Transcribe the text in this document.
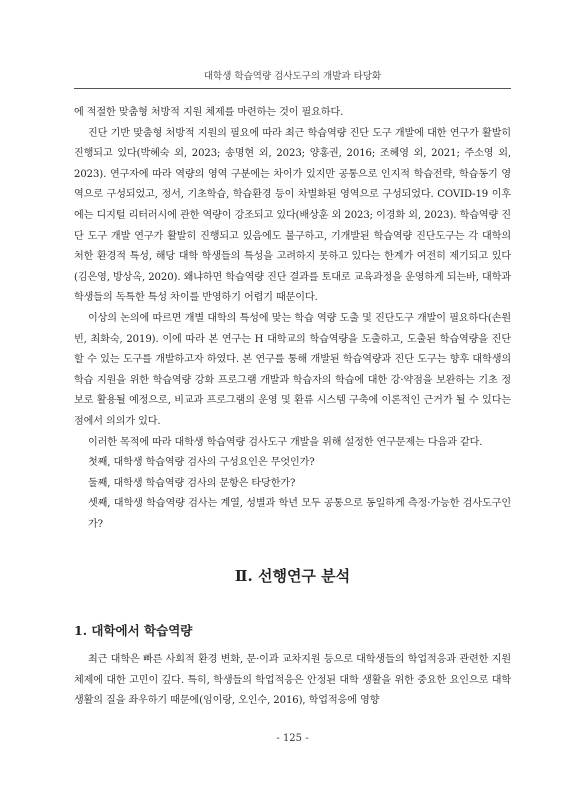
대학생 학습역량 검사도구의 개발과 타당화

에 적절한 맞춤형 처방적 지원 체제를 마련하는 것이 필요하다.

진단 기반 맞춤형 처방적 지원의 필요에 따라 최근 학습역량 진단 도구 개발에 대한 연구가 활발히 진행되고 있다(박혜숙 외, 2023; 송명현 외, 2023; 양홍권, 2016; 조혜영 외, 2021; 주소영 외, 2023). 연구자에 따라 역량의 영역 구분에는 차이가 있지만 공통으로 인지적 학습전략, 학습동기 영역으로 구성되었고, 정서, 기초학습, 학습환경 등이 차별화된 영역으로 구성되었다. COVID-19 이후에는 디지털 리터러시에 관한 역량이 강조되고 있다(배상훈 외 2023; 이경화 외, 2023). 학습역량 진단 도구 개발 연구가 활발히 진행되고 있음에도 불구하고, 기개발된 학습역량 진단도구는 각 대학의 처한 환경적 특성, 해당 대학 학생들의 특성을 고려하지 못하고 있다는 한계가 여전히 제기되고 있다(김은영, 방상옥, 2020). 왜냐하면 학습역량 진단 결과를 토대로 교육과정을 운영하게 되는바, 대학과 학생들의 독특한 특성 차이를 반영하기 어렵기 때문이다.

이상의 논의에 따르면 개별 대학의 특성에 맞는 학습 역량 도출 및 진단도구 개발이 필요하다(손원빈, 최화숙, 2019). 이에 따라 본 연구는 H 대학교의 학습역량을 도출하고, 도출된 학습역량을 진단할 수 있는 도구를 개발하고자 하였다. 본 연구를 통해 개발된 학습역량과 진단 도구는 향후 대학생의 학습 지원을 위한 학습역량 강화 프로그램 개발과 학습자의 학습에 대한 강·약점을 보완하는 기초 정보로 활용될 예정으로, 비교과 프로그램의 운영 및 환류 시스템 구축에 이론적인 근거가 될 수 있다는 점에서 의의가 있다.

이러한 목적에 따라 대학생 학습역량 검사도구 개발을 위해 설정한 연구문제는 다음과 같다.

첫째, 대학생 학습역량 검사의 구성요인은 무엇인가?

둘째, 대학생 학습역량 검사의 문항은 타당한가?

셋째, 대학생 학습역량 검사는 계열, 성별과 학년 모두 공통으로 동일하게 측정·가능한 검사도구인가?

Ⅱ. 선행연구 분석
1. 대학에서 학습역량

최근 대학은 빠른 사회적 환경 변화, 문·이과 교차지원 등으로 대학생들의 학업적응과 관련한 지원 체제에 대한 고민이 깊다. 특히, 학생들의 학업적응은 안정된 대학 생활을 위한 중요한 요인으로 대학 생활의 질을 좌우하기 때문에(임이랑, 오인수, 2016), 학업적응에 영향

- 125 -
